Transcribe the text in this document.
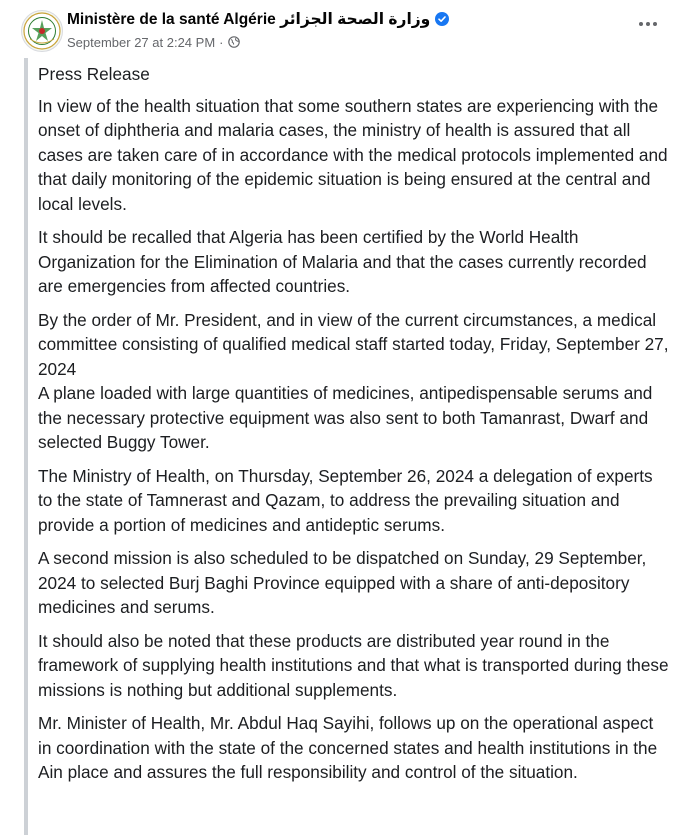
Ministère de la santé Algérie وزارة الصحة الجزائر
September 27 at 2:24 PM ·

Press Release

In view of the health situation that some southern states are experiencing with the onset of diphtheria and malaria cases, the ministry of health is assured that all cases are taken care of in accordance with the medical protocols implemented and that daily monitoring of the epidemic situation is being ensured at the central and local levels.

It should be recalled that Algeria has been certified by the World Health Organization for the Elimination of Malaria and that the cases currently recorded are emergencies from affected countries.

By the order of Mr. President, and in view of the current circumstances, a medical committee consisting of qualified medical staff started today, Friday, September 27, 2024

A plane loaded with large quantities of medicines, antipedispensable serums and the necessary protective equipment was also sent to both Tamanrast, Dwarf and selected Buggy Tower.

The Ministry of Health, on Thursday, September 26, 2024 a delegation of experts to the state of Tamnerast and Qazam, to address the prevailing situation and provide a portion of medicines and antideptic serums.

A second mission is also scheduled to be dispatched on Sunday, 29 September, 2024 to selected Burj Baghi Province equipped with a share of anti-depository medicines and serums.

It should also be noted that these products are distributed year round in the framework of supplying health institutions and that what is transported during these missions is nothing but additional supplements.

Mr. Minister of Health, Mr. Abdul Haq Sayihi, follows up on the operational aspect in coordination with the state of the concerned states and health institutions in the Ain place and assures the full responsibility and control of the situation.
